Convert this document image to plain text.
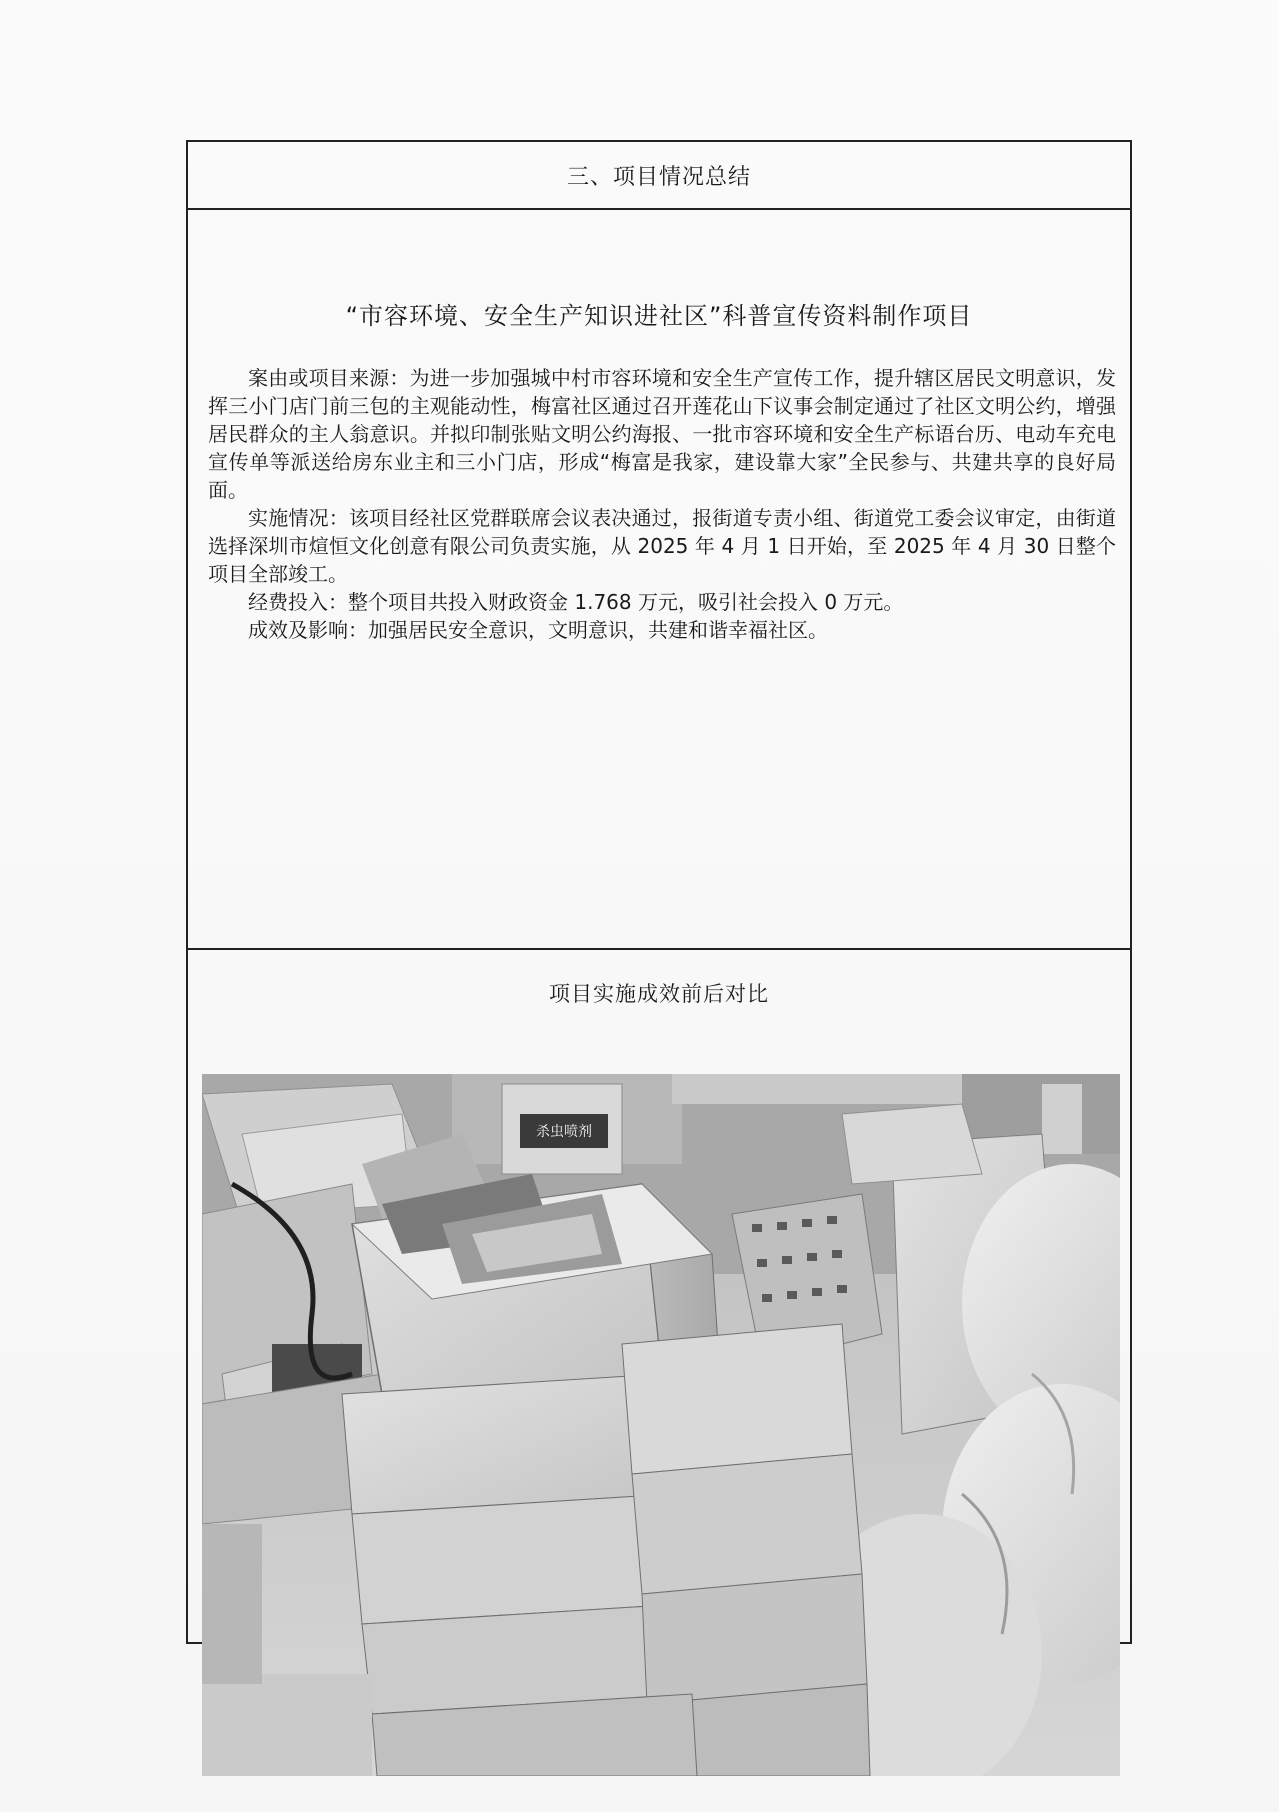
三、项目情况总结
“市容环境、安全生产知识进社区”科普宣传资料制作项目

案由或项目来源：为进一步加强城中村市容环境和安全生产宣传工作，提升辖区居民文明意识，发挥三小门店门前三包的主观能动性，梅富社区通过召开莲花山下议事会制定通过了社区文明公约，增强居民群众的主人翁意识。并拟印制张贴文明公约海报、一批市容环境和安全生产标语台历、电动车充电宣传单等派送给房东业主和三小门店，形成“梅富是我家，建设靠大家”全民参与、共建共享的良好局面。

实施情况：该项目经社区党群联席会议表决通过，报街道专责小组、街道党工委会议审定，由街道选择深圳市煊恒文化创意有限公司负责实施，从 2025 年 4 月 1 日开始，至 2025 年 4 月 30 日整个项目全部竣工。

经费投入：整个项目共投入财政资金 1.768 万元，吸引社会投入 0 万元。

成效及影响：加强居民安全意识，文明意识，共建和谐幸福社区。

项目实施成效前后对比
杀虫喷剂
